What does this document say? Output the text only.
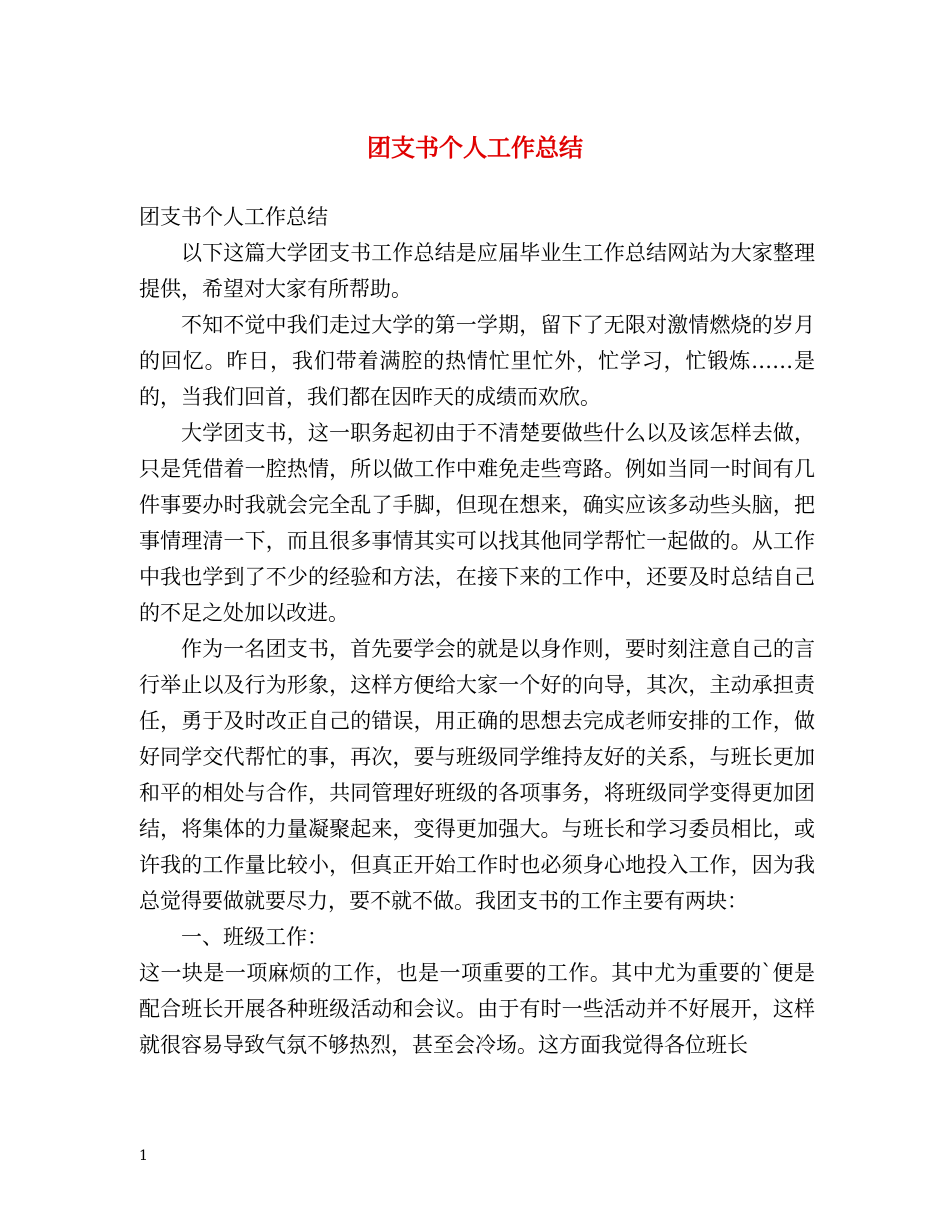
团支书个人工作总结

团支书个人工作总结

以下这篇大学团支书工作总结是应届毕业生工作总结网站为大家整理提供，希望对大家有所帮助。

不知不觉中我们走过大学的第一学期，留下了无限对激情燃烧的岁月的回忆。昨日，我们带着满腔的热情忙里忙外，忙学习，忙锻炼……是的，当我们回首，我们都在因昨天的成绩而欢欣。

大学团支书，这一职务起初由于不清楚要做些什么以及该怎样去做，只是凭借着一腔热情，所以做工作中难免走些弯路。例如当同一时间有几件事要办时我就会完全乱了手脚，但现在想来，确实应该多动些头脑，把事情理清一下，而且很多事情其实可以找其他同学帮忙一起做的。从工作中我也学到了不少的经验和方法，在接下来的工作中，还要及时总结自己的不足之处加以改进。

作为一名团支书，首先要学会的就是以身作则，要时刻注意自己的言行举止以及行为形象，这样方便给大家一个好的向导，其次，主动承担责任，勇于及时改正自己的错误，用正确的思想去完成老师安排的工作，做好同学交代帮忙的事，再次，要与班级同学维持友好的关系，与班长更加和平的相处与合作，共同管理好班级的各项事务，将班级同学变得更加团结，将集体的力量凝聚起来，变得更加强大。与班长和学习委员相比，或许我的工作量比较小，但真正开始工作时也必须身心地投入工作，因为我总觉得要做就要尽力，要不就不做。我团支书的工作主要有两块：

一、班级工作：

这一块是一项麻烦的工作，也是一项重要的工作。其中尤为重要的`便是配合班长开展各种班级活动和会议。由于有时一些活动并不好展开，这样就很容易导致气氛不够热烈，甚至会冷场。这方面我觉得各位班长

1
